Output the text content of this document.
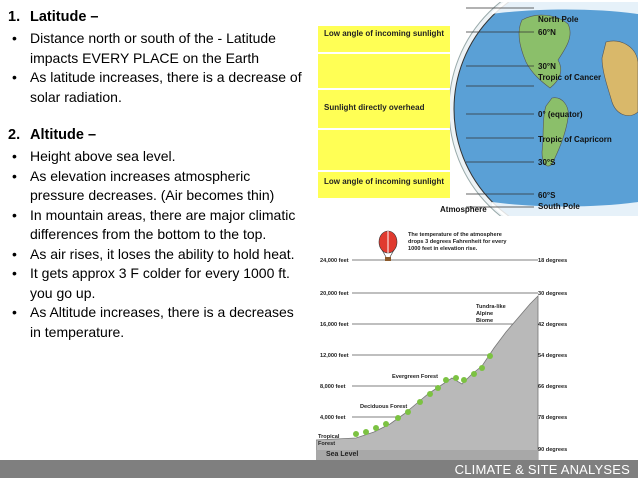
1. Latitude –
• Distance north or south of the - Latitude impacts EVERY PLACE on the Earth
• As latitude increases, there is a decrease of solar radiation.
2. Altitude –
• Height above sea level.
• As elevation increases atmospheric pressure decreases. (Air becomes thin)
• In mountain areas, there are major climatic differences from the bottom to the top.
• As air rises, it loses the ability to hold heat.
• It gets approx 3 F colder for every 1000 ft. you go up.
• As Altitude increases, there is a decreases in temperature.
Low angle of incoming sunlight
Sunlight directly overhead
Low angle of incoming sunlight
North Pole
60°N
30°N
Tropic of Cancer
0° (equator)
Tropic of Capricorn
30°S
60°S
South Pole
Atmosphere
The temperature of the atmosphere drops 3 degrees Fahrenheit for every 1000 feet in elevation rise.
24,000 feet
20,000 feet
16,000 feet
12,000 feet
8,000 feet
4,000 feet
18 degrees
30 degrees
42 degrees
54 degrees
66 degrees
78 degrees
90 degrees
Tundra-like Alpine Biome
Evergreen Forest
Deciduous Forest
Tropical Forest
Sea Level
CLIMATE & SITE ANALYSES
